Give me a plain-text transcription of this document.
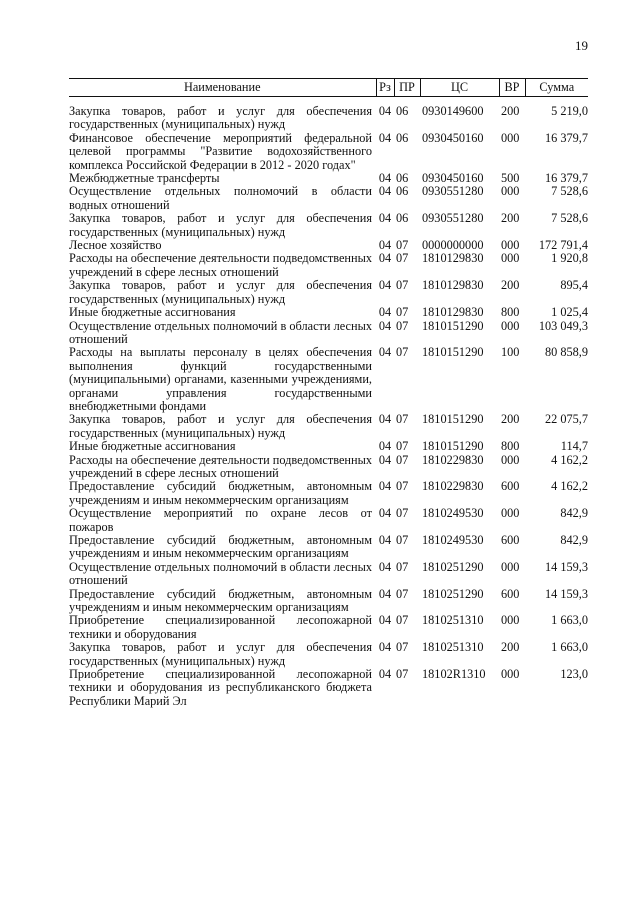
19
Наименование	Рз	ПР	ЦС	ВР	Сумма

Закупка товаров, работ и услуг для обеспечения государственных (муниципальных) нужд	04	06	0930149600	200	5 219,0
Финансовое обеспечение мероприятий федеральной целевой программы "Развитие водохозяйственного комплекса Российской Федерации в 2012 - 2020 годах"	04	06	0930450160	000	16 379,7
Межбюджетные трансферты	04	06	0930450160	500	16 379,7
Осуществление отдельных полномочий в области водных отношений	04	06	0930551280	000	7 528,6
Закупка товаров, работ и услуг для обеспечения государственных (муниципальных) нужд	04	06	0930551280	200	7 528,6
Лесное хозяйство	04	07	0000000000	000	172 791,4
Расходы на обеспечение деятельности подведомственных учреждений в сфере лесных отношений	04	07	1810129830	000	1 920,8
Закупка товаров, работ и услуг для обеспечения государственных (муниципальных) нужд	04	07	1810129830	200	895,4
Иные бюджетные ассигнования	04	07	1810129830	800	1 025,4
Осуществление отдельных полномочий в области лесных отношений	04	07	1810151290	000	103 049,3
Расходы на выплаты персоналу в целях обеспечения выполнения функций государственными (муниципальными) органами, казенными учреждениями, органами управления государственными внебюджетными фондами	04	07	1810151290	100	80 858,9
Закупка товаров, работ и услуг для обеспечения государственных (муниципальных) нужд	04	07	1810151290	200	22 075,7
Иные бюджетные ассигнования	04	07	1810151290	800	114,7
Расходы на обеспечение деятельности подведомственных учреждений в сфере лесных отношений	04	07	1810229830	000	4 162,2
Предоставление субсидий бюджетным, автономным учреждениям и иным некоммерческим организациям	04	07	1810229830	600	4 162,2
Осуществление мероприятий по охране лесов от пожаров	04	07	1810249530	000	842,9
Предоставление субсидий бюджетным, автономным учреждениям и иным некоммерческим организациям	04	07	1810249530	600	842,9
Осуществление отдельных полномочий в области лесных отношений	04	07	1810251290	000	14 159,3
Предоставление субсидий бюджетным, автономным учреждениям и иным некоммерческим организациям	04	07	1810251290	600	14 159,3
Приобретение специализированной лесопожарной техники и оборудования	04	07	1810251310	000	1 663,0
Закупка товаров, работ и услуг для обеспечения государственных (муниципальных) нужд	04	07	1810251310	200	1 663,0
Приобретение специализированной лесопожарной техники и оборудования из республиканского бюджета Республики Марий Эл	04	07	18102R1310	000	123,0
